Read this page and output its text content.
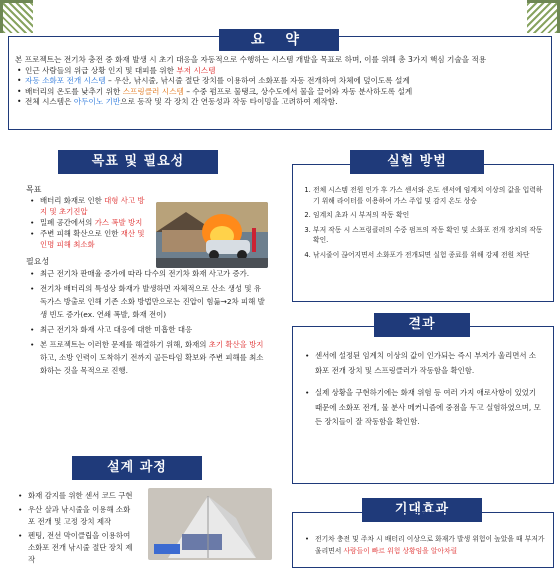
요 약
본 프로젝트는 전기차 충전 중 화재 발생 시 초기 대응을 자동적으로 수행하는 시스템 개발을 목표로 하며, 이를 위해 총 3가지 핵심 기술을 적용
• 인근 사람들의 위급 상황 인지 및 대피를 위한 부저 시스템
• 자동 소화포 전개 시스템 – 우산, 낚시줄, 낚시줄 절단 장치를 이용하여 소화포를 자동 전개하여 차체에 덮이도록 설계
• 배터리의 온도를 낮추기 위한 스프링클러 시스템 – 수중 펌프로 물탱크, 상수도에서 물을 끌어와 자동 분사하도록 설계
• 전체 시스템은 아두이노 기반으로 동작 및 각 장치 간 연동성과 작동 타이밍을 고려하여 제작함.
목표 및 필요성

목표

• 배터리 화재로 인한 대형 사고 방지 및 초기진압
• 밀폐 공간에서의 가스 폭발 방지
• 주변 피해 확산으로 인한 재산 및 인명 피해 최소화

필요성

• 최근 전기차 판매율 증가에 따라 다수의 전기차 화재 사고가 증가.
• 전기차 배터리의 특성상 화재가 발생하면 자체적으로 산소 생성 및 유독가스 방출로 인해 기존 소화 방법만으로는 진압이 힘듦→2차 피해 발생 빈도 증가(ex. 연쇄 폭발, 화재 전이)
• 최근 전기차 화재 사고 대응에 대한 미흡한 대응
• 본 프로젝트는 이러한 문제를 해결하기 위해, 화재의 초기 확산을 방지하고, 소방 인력이 도착하기 전까지 골든타임 확보와 주변 피해를 최소화하는 것을 목적으로 진행.
설계 과정
• 화재 감지를 위한 센서 코드 구현
• 우산 살과 낚시줄을 이용해 소화포 전개 및 고정 장치 제작
• 펜팅, 전선 막이클립을 이용하여 소화포 전개 낚시줄 절단 장치 제작
실험 방법
1. 전체 시스템 전원 인가 후 가스 센서와 온도 센서에 임계치 이상의 값을 입력하기 위해 라이터를 이용하여 가스 주입 및 감지 온도 상승
2. 임계치 초과 시 부저의 작동 확인
3. 부저 작동 시 스프링클러의 수중 펌프의 작동 확인 및 소화포 전개 장치의 작동 확인.
4. 낚시줄이 끊어지면서 소화포가 전개되면 실험 종료를 위해 강제 전원 차단
결과
• 센서에 설정된 임계치 이상의 값이 인가되는 즉시 부저가 울리면서 소화포 전개 장치 및 스프링클러가 작동함을 확인함.
• 실제 상황을 구현하기에는 화재 위험 등 여러 가지 애로사항이 있었기 때문에 소화포 전개, 물 분사 메커니즘에 중점을 두고 실험하였으며, 모든 장치들이 잘 작동함을 확인함.
기대효과
• 전기차 충전 및 주차 시 배터리 이상으로 화재가 발생 위험이 높았을 때 부저가 울리면서 사람들이 빠르 위험 상황임을 알아차릴
